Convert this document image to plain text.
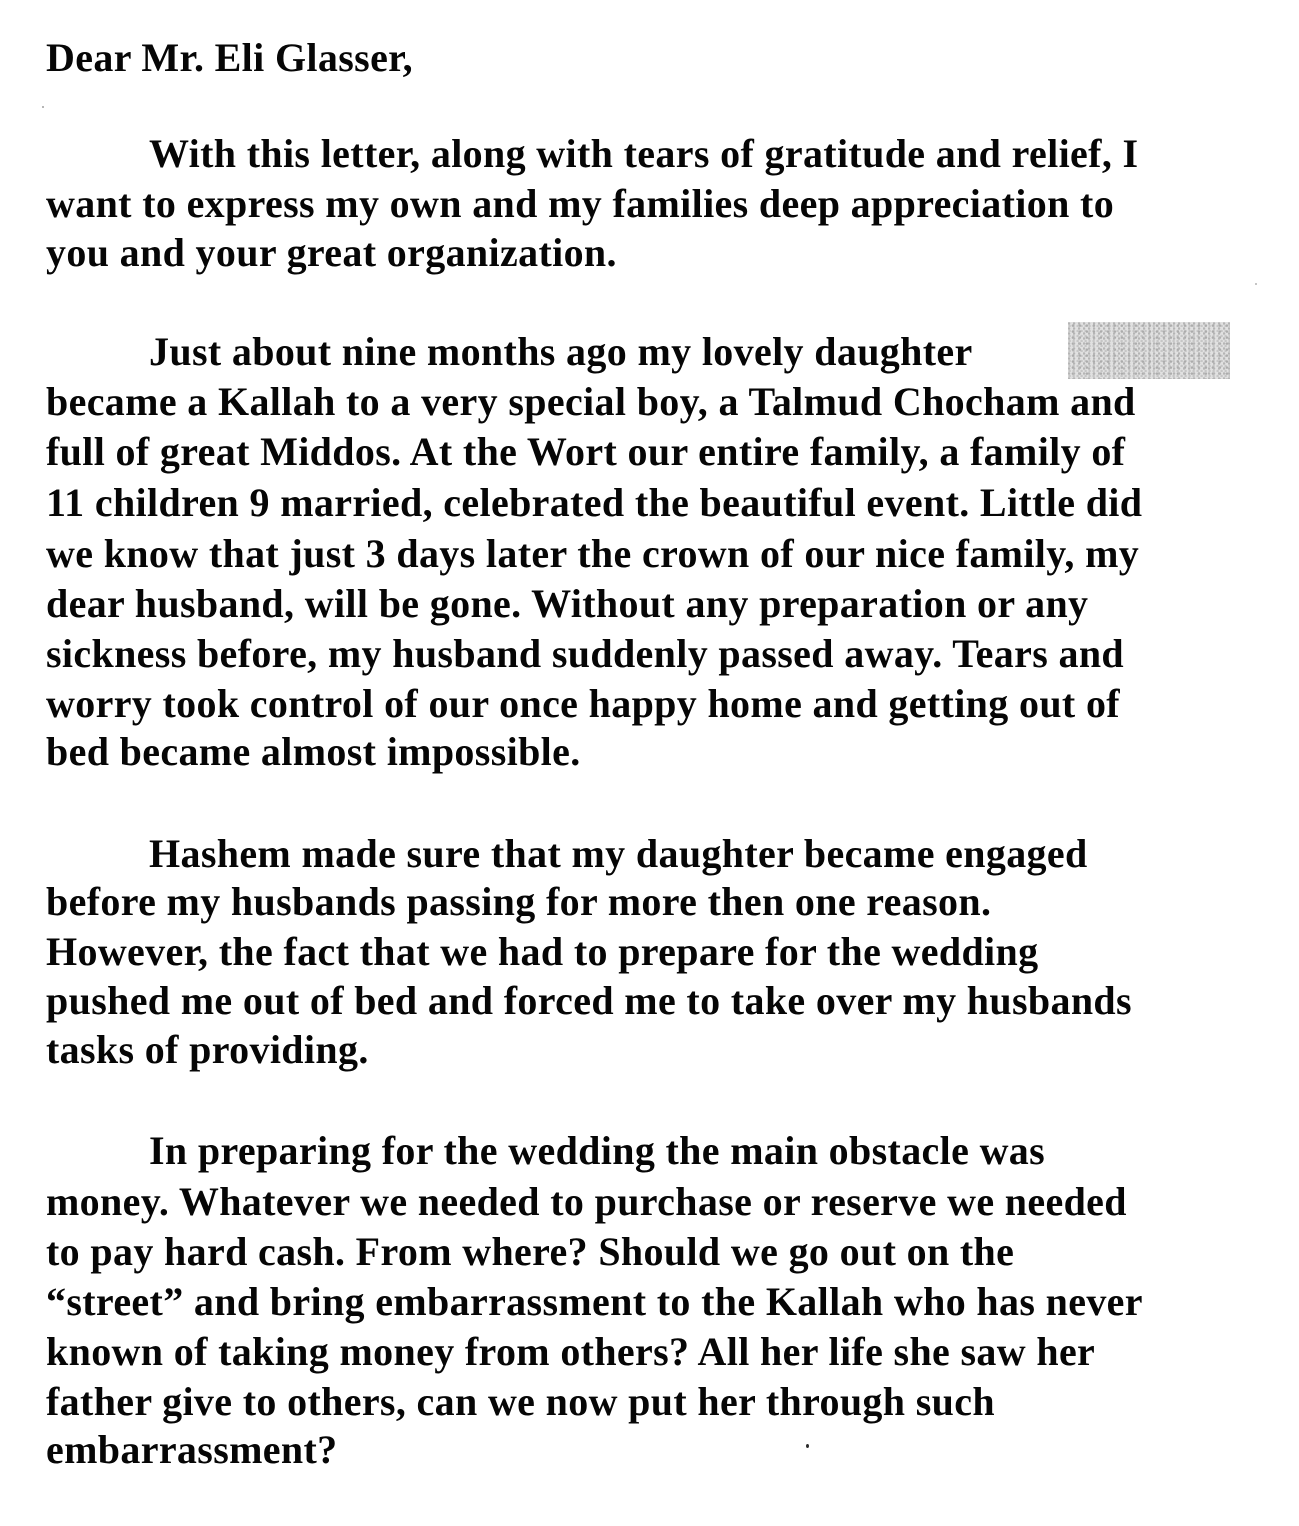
Dear Mr. Eli Glasser,

With this letter, along with tears of gratitude and relief, I

want to express my own and my families deep appreciation to

you and your great organization.

Just about nine months ago my lovely daughter

became a Kallah to a very special boy, a Talmud Chocham and

full of great Middos. At the Wort our entire family, a family of

11 children 9 married, celebrated the beautiful event. Little did

we know that just 3 days later the crown of our nice family, my

dear husband, will be gone. Without any preparation or any

sickness before, my husband suddenly passed away. Tears and

worry took control of our once happy home and getting out of

bed became almost impossible.

Hashem made sure that my daughter became engaged

before my husbands passing for more then one reason.

However, the fact that we had to prepare for the wedding

pushed me out of bed and forced me to take over my husbands

tasks of providing.

In preparing for the wedding the main obstacle was

money. Whatever we needed to purchase or reserve we needed

to pay hard cash. From where? Should we go out on the

“street” and bring embarrassment to the Kallah who has never

known of taking money from others? All her life she saw her

father give to others, can we now put her through such

embarrassment?
